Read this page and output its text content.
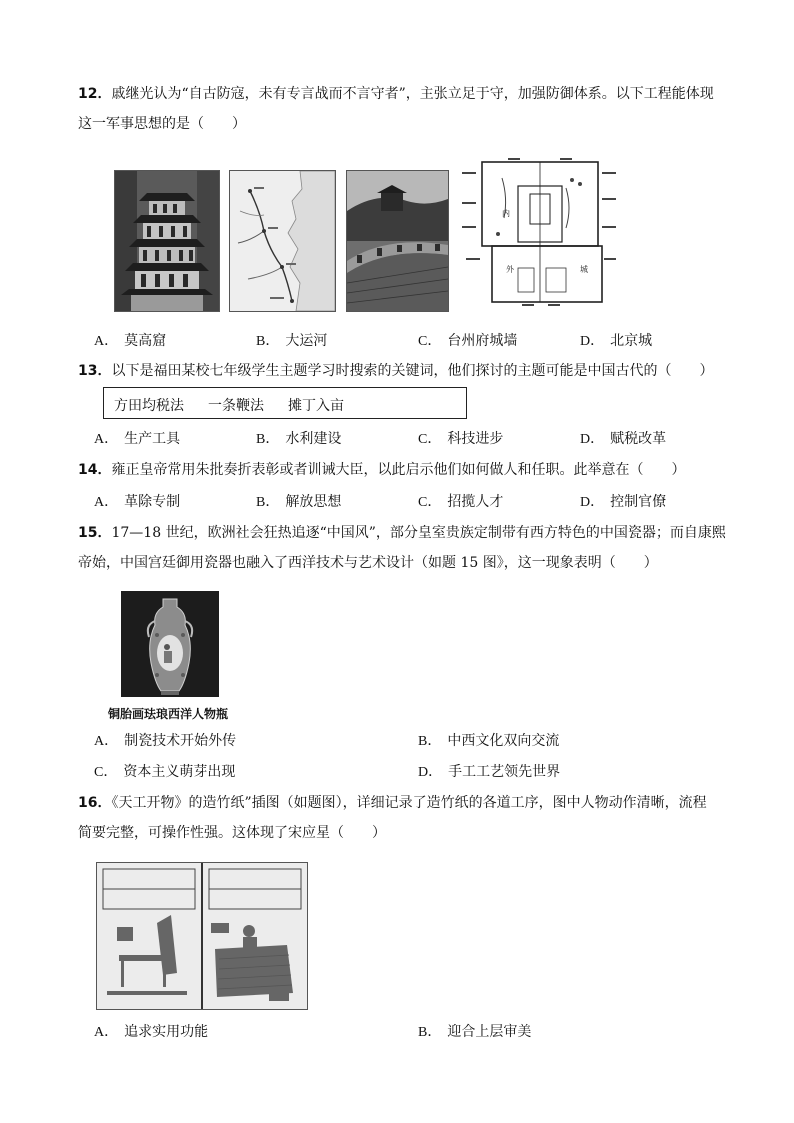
12．戚继光认为“自古防寇，未有专言战而不言守者”，主张立足于守，加强防御体系。以下工程能体现
这一军事思想的是（　　）
内
外	城
A． 莫高窟	B． 大运河	C． 台州府城墙	D． 北京城
13．以下是福田某校七年级学生主题学习时搜索的关键词，他们探讨的主题可能是中国古代的（　　）
方田均税法 一条鞭法 摊丁入亩
A． 生产工具	B． 水利建设	C． 科技进步	D． 赋税改革
14．雍正皇帝常用朱批奏折表彰或者训诫大臣，以此启示他们如何做人和任职。此举意在（　　）
A． 革除专制	B． 解放思想	C． 招揽人才	D． 控制官僚
15．17—18 世纪，欧洲社会狂热追逐“中国风”，部分皇室贵族定制带有西方特色的中国瓷器；而自康熙
帝始，中国宫廷御用瓷器也融入了西洋技术与艺术设计（如题 15 图》，这一现象表明（　　）
铜胎画珐琅西洋人物瓶
A． 制瓷技术开始外传	B． 中西文化双向交流
C． 资本主义萌芽出现	D． 手工工艺领先世界
16．《天工开物》的造竹纸”插图（如题图），详细记录了造竹纸的各道工序，图中人物动作清晰，流程
简要完整，可操作性强。这体现了宋应星（　　）
A． 追求实用功能	B． 迎合上层审美
